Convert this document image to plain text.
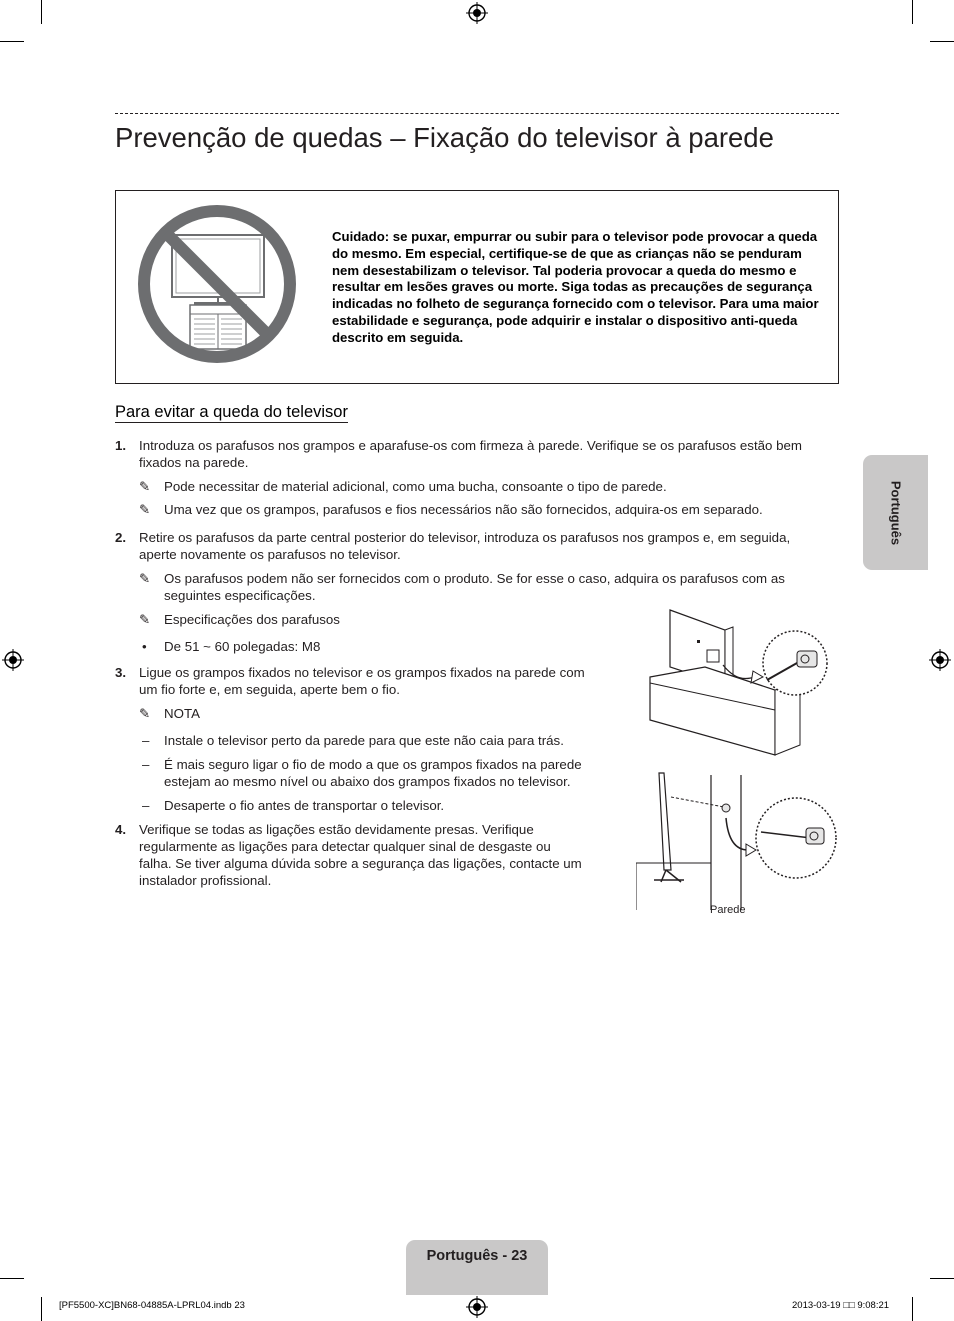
Prevenção de quedas – Fixação do televisor à parede
Cuidado: se puxar, empurrar ou subir para o televisor pode provocar a queda do mesmo. Em especial, certifique-se de que as crianças não se penduram nem desestabilizam o televisor. Tal poderia provocar a queda do mesmo e resultar em lesões graves ou morte. Siga todas as precauções de segurança indicadas no folheto de segurança fornecido com o televisor. Para uma maior estabilidade e segurança, pode adquirir e instalar o dispositivo anti-queda descrito em seguida.
Para evitar a queda do televisor
1. Introduza os parafusos nos grampos e aparafuse-os com firmeza à parede. Verifique se os parafusos estão bem
fixados na parede.
✎ Pode necessitar de material adicional, como uma bucha, consoante o tipo de parede.
✎ Uma vez que os grampos, parafusos e fios necessários não são fornecidos, adquira-os em separado.
2. Retire os parafusos da parte central posterior do televisor, introduza os parafusos nos grampos e, em seguida,
aperte novamente os parafusos no televisor.
✎ Os parafusos podem não ser fornecidos com o produto. Se for esse o caso, adquira os parafusos com as
seguintes especificações.
✎ Especificações dos parafusos
• De 51 ~ 60 polegadas: M8
3. Ligue os grampos fixados no televisor e os grampos fixados na parede com
um fio forte e, em seguida, aperte bem o fio.
✎ NOTA
– Instale o televisor perto da parede para que este não caia para trás.
– É mais seguro ligar o fio de modo a que os grampos fixados na parede
estejam ao mesmo nível ou abaixo dos grampos fixados no televisor.
– Desaperte o fio antes de transportar o televisor.
4. Verifique se todas as ligações estão devidamente presas. Verifique
regularmente as ligações para detectar qualquer sinal de desgaste ou
falha. Se tiver alguma dúvida sobre a segurança das ligações, contacte um
instalador profissional.
Parede
Português
Português - 23
[PF5500-XC]BN68-04885A-LPRL04.indb 23	2013-03-19 □□ 9:08:21
